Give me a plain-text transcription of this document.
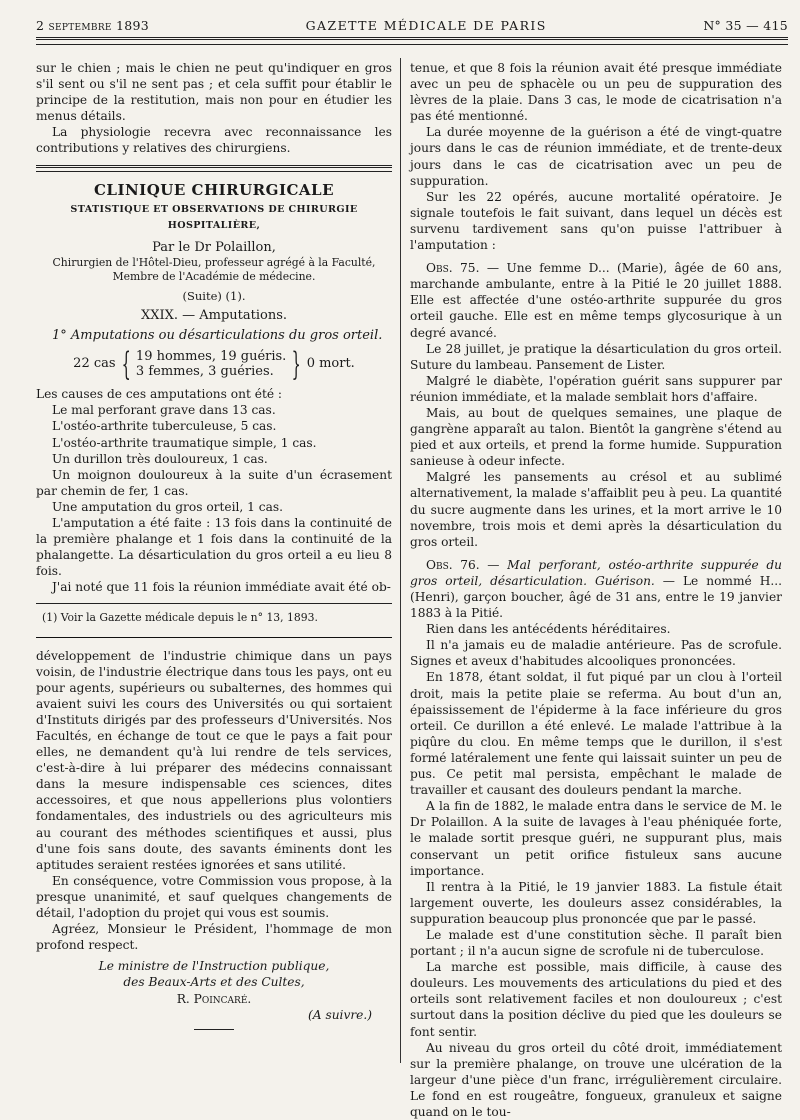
2 septembre 1893	GAZETTE MÉDICALE DE PARIS	N° 35 — 415

sur le chien ; mais le chien ne peut qu'indiquer en gros s'il sent ou s'il ne sent pas ; et cela suffit pour établir le principe de la restitution, mais non pour en étudier les menus détails.

La physiologie recevra avec reconnaissance les contributions y relatives des chirurgiens.

CLINIQUE CHIRURGICALE
STATISTIQUE ET OBSERVATIONS DE CHIRURGIE HOSPITALIÈRE,

Par le Dr Polaillon,

Chirurgien de l'Hôtel-Dieu, professeur agrégé à la Faculté,

Membre de l'Académie de médecine.

(Suite) (1).

XXIX. — Amputations.

1° Amputations ou désarticulations du gros orteil.

22 cas { 19 hommes, 19 guéris.
3 femmes, 3 guéries. } 0 mort.

Les causes de ces amputations ont été :

Le mal perforant grave dans 13 cas.

L'ostéo-arthrite tuberculeuse, 5 cas.

L'ostéo-arthrite traumatique simple, 1 cas.

Un durillon très douloureux, 1 cas.

Un moignon douloureux à la suite d'un écrasement par chemin de fer, 1 cas.

Une amputation du gros orteil, 1 cas.

L'amputation a été faite : 13 fois dans la continuité de la première phalange et 1 fois dans la continuité de la phalangette. La désarticulation du gros orteil a eu lieu 8 fois.

J'ai noté que 11 fois la réunion immédiate avait été ob-

(1) Voir la Gazette médicale depuis le n° 13, 1893.

développement de l'industrie chimique dans un pays voisin, de l'industrie électrique dans tous les pays, ont eu pour agents, supérieurs ou subalternes, des hommes qui avaient suivi les cours des Universités ou qui sortaient d'Instituts dirigés par des professeurs d'Universités. Nos Facultés, en échange de tout ce que le pays a fait pour elles, ne demandent qu'à lui rendre de tels services, c'est-à-dire à lui préparer des médecins connaissant dans la mesure indispensable ces sciences, dites accessoires, et que nous appellerions plus volontiers fondamentales, des industriels ou des agriculteurs mis au courant des méthodes scientifiques et aussi, plus d'une fois sans doute, des savants éminents dont les aptitudes seraient restées ignorées et sans utilité.

En conséquence, votre Commission vous propose, à la presque unanimité, et sauf quelques changements de détail, l'adoption du projet qui vous est soumis.

Agréez, Monsieur le Président, l'hommage de mon profond respect.

Le ministre de l'Instruction publique,

des Beaux-Arts et des Cultes,

R. Poincaré.

(A suivre.)

tenue, et que 8 fois la réunion avait été presque immédiate avec un peu de sphacèle ou un peu de suppuration des lèvres de la plaie. Dans 3 cas, le mode de cicatrisation n'a pas été mentionné.

La durée moyenne de la guérison a été de vingt-quatre jours dans le cas de réunion immédiate, et de trente-deux jours dans le cas de cicatrisation avec un peu de suppuration.

Sur les 22 opérés, aucune mortalité opératoire. Je signale toutefois le fait suivant, dans lequel un décès est survenu tardivement sans qu'on puisse l'attribuer à l'amputation :

Obs. 75. — Une femme D... (Marie), âgée de 60 ans, marchande ambulante, entre à la Pitié le 20 juillet 1888. Elle est affectée d'une ostéo-arthrite suppurée du gros orteil gauche. Elle est en même temps glycosurique à un degré avancé.

Le 28 juillet, je pratique la désarticulation du gros orteil. Suture du lambeau. Pansement de Lister.

Malgré le diabète, l'opération guérit sans suppurer par réunion immédiate, et la malade semblait hors d'affaire.

Mais, au bout de quelques semaines, une plaque de gangrène apparaît au talon. Bientôt la gangrène s'étend au pied et aux orteils, et prend la forme humide. Suppuration sanieuse à odeur infecte.

Malgré les pansements au crésol et au sublimé alternativement, la malade s'affaiblit peu à peu. La quantité du sucre augmente dans les urines, et la mort arrive le 10 novembre, trois mois et demi après la désarticulation du gros orteil.

Obs. 76. — Mal perforant, ostéo-arthrite suppurée du gros orteil, désarticulation. Guérison. — Le nommé H... (Henri), garçon boucher, âgé de 31 ans, entre le 19 janvier 1883 à la Pitié.

Rien dans les antécédents héréditaires.

Il n'a jamais eu de maladie antérieure. Pas de scrofule. Signes et aveux d'habitudes alcooliques prononcées.

En 1878, étant soldat, il fut piqué par un clou à l'orteil droit, mais la petite plaie se referma. Au bout d'un an, épaississement de l'épiderme à la face inférieure du gros orteil. Ce durillon a été enlevé. Le malade l'attribue à la piqûre du clou. En même temps que le durillon, il s'est formé latéralement une fente qui laissait suinter un peu de pus. Ce petit mal persista, empêchant le malade de travailler et causant des douleurs pendant la marche.

A la fin de 1882, le malade entra dans le service de M. le Dr Polaillon. A la suite de lavages à l'eau phéniquée forte, le malade sortit presque guéri, ne suppurant plus, mais conservant un petit orifice fistuleux sans aucune importance.

Il rentra à la Pitié, le 19 janvier 1883. La fistule était largement ouverte, les douleurs assez considérables, la suppuration beaucoup plus prononcée que par le passé.

Le malade est d'une constitution sèche. Il paraît bien portant ; il n'a aucun signe de scrofule ni de tuberculose.

La marche est possible, mais difficile, à cause des douleurs. Les mouvements des articulations du pied et des orteils sont relativement faciles et non douloureux ; c'est surtout dans la position déclive du pied que les douleurs se font sentir.

Au niveau du gros orteil du côté droit, immédiatement sur la première phalange, on trouve une ulcération de la largeur d'une pièce d'un franc, irrégulièrement circulaire. Le fond en est rougeâtre, fongueux, granuleux et saigne quand on le tou-
